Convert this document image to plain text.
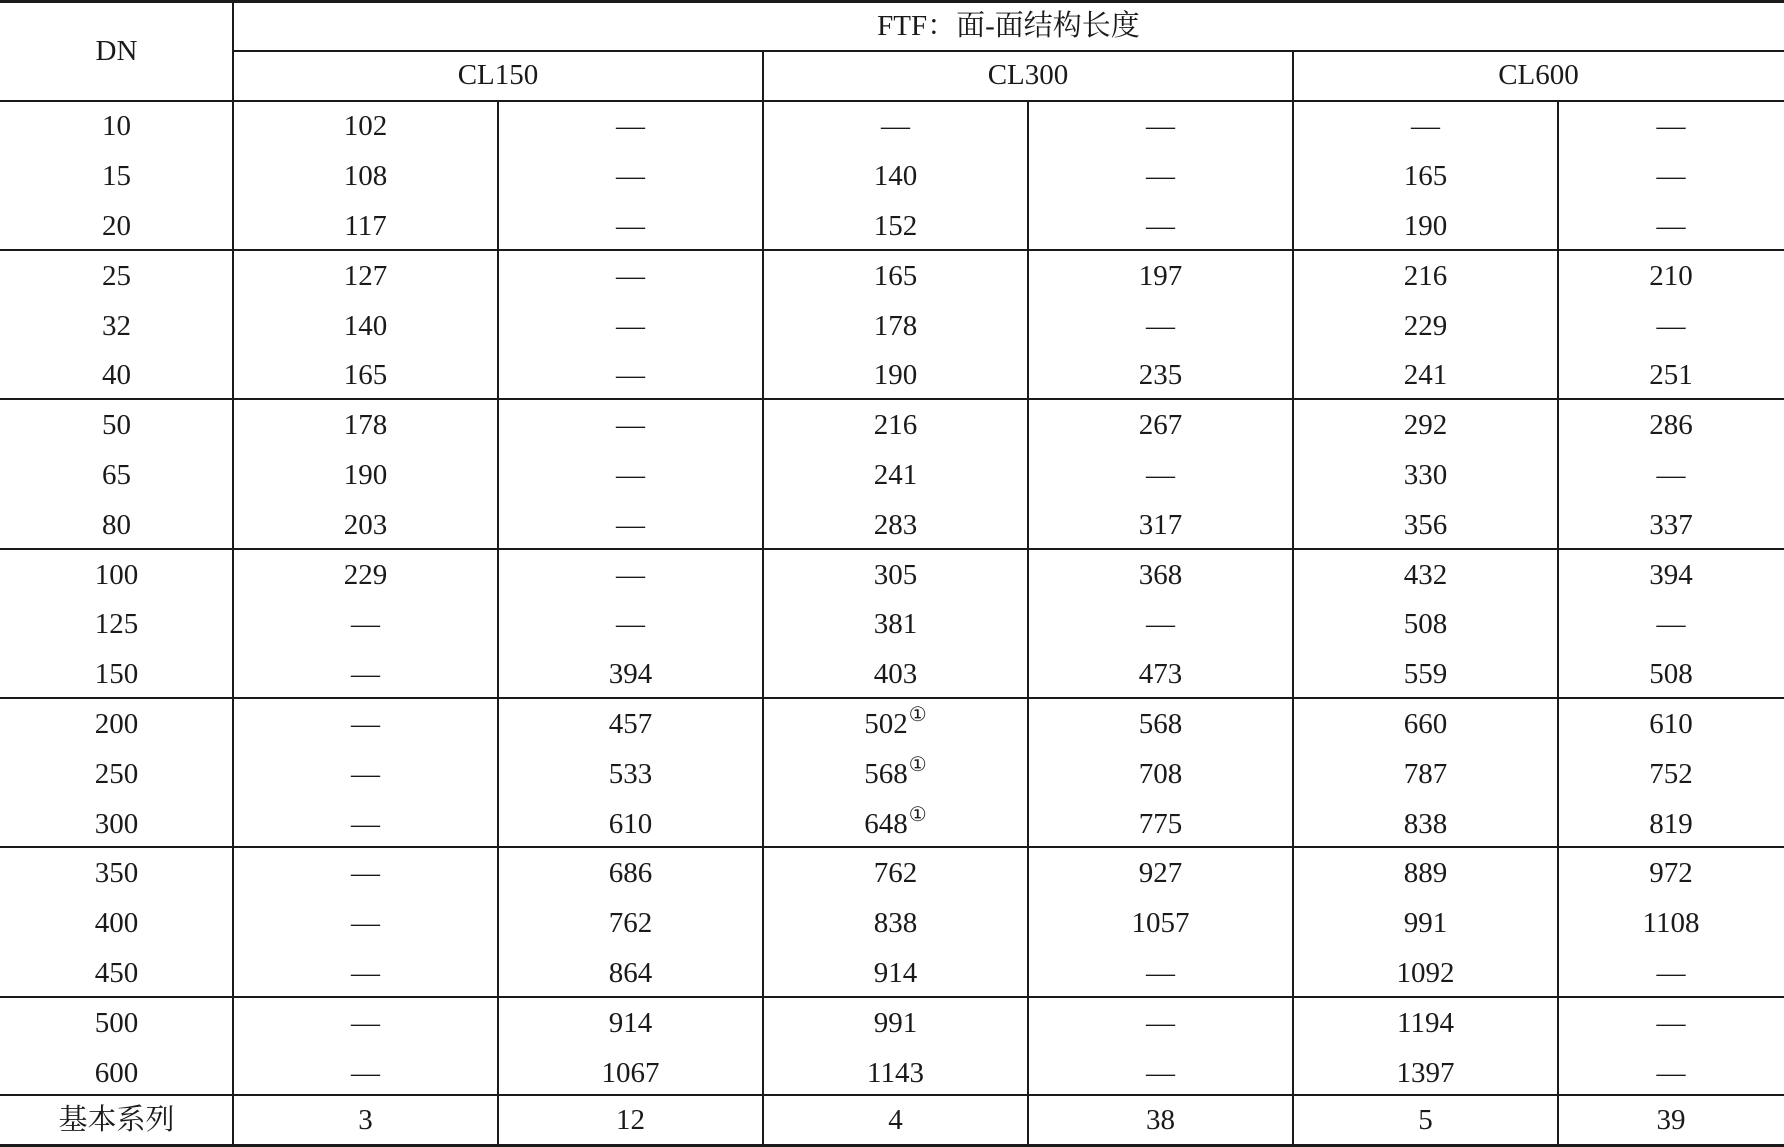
DN
FTF：面-面结构长度
CL150	CL300	CL600
10	102	—	—	—	—	—
15	108	—	140	—	165	—
20	117	—	152	—	190	—
25	127	—	165	197	216	210
32	140	—	178	—	229	—
40	165	—	190	235	241	251
50	178	—	216	267	292	286
65	190	—	241	—	330	—
80	203	—	283	317	356	337
100	229	—	305	368	432	394
125	—	—	381	—	508	—
150	—	394	403	473	559	508
200	—	457	502 ①	568	660	610
250	—	533	568 ①	708	787	752
300	—	610	648 ①	775	838	819
350	—	686	762	927	889	972
400	—	762	838	1057	991	1108
450	—	864	914	—	1092	—
500	—	914	991	—	1194	—
600	—	1067	1143	—	1397	—
基本系列	3	12	4	38	5	39
